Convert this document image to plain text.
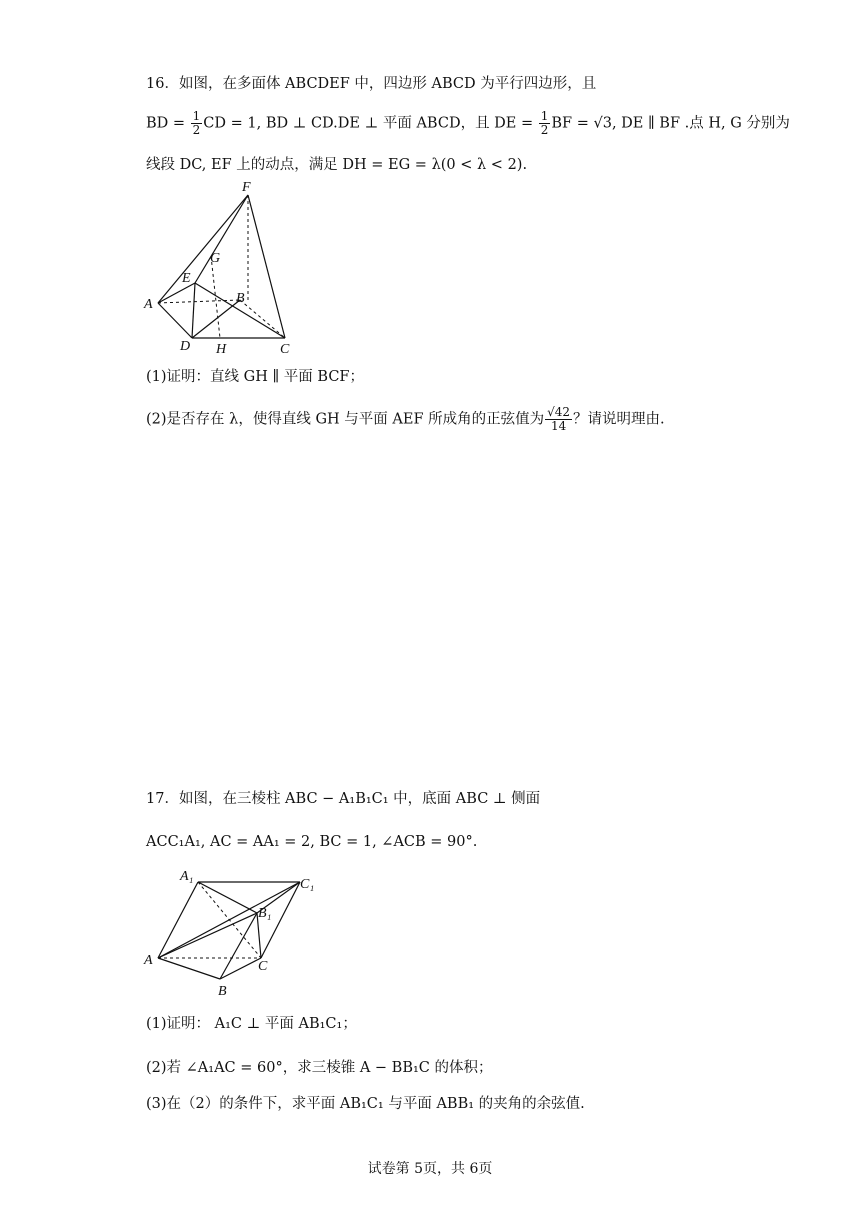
16．如图，在多面体 ABCDEF 中，四边形 ABCD 为平行四边形，且
BD = $\frac{1}{2}$ CD = 1, BD ⊥ CD.DE ⊥ 平面 ABCD，且 DE = $\frac{1}{2}$ BF = √3, DE ∥ BF .点 H, G 分别为
线段 DC, EF 上的动点，满足 DH = EG = λ(0 < λ < 2).
F
G
E
A	B
D H	C
(1)证明：直线 GH ∥ 平面 BCF；
(2)是否存在 λ，使得直线 GH 与平面 AEF 所成角的正弦值为 $\frac{√42}{14}$ ？请说明理由.
17．如图，在三棱柱 ABC − A₁B₁C₁ 中，底面 ABC ⊥ 侧面
ACC₁A₁, AC = AA₁ = 2, BC = 1, ∠ACB = 90°.
A₁
C₁
B₁
A	C
B
(1)证明： A₁C ⊥ 平面 AB₁C₁；
(2)若 ∠A₁AC = 60°，求三棱锥 A − BB₁C 的体积；
(3)在（2）的条件下，求平面 AB₁C₁ 与平面 ABB₁ 的夹角的余弦值.
试卷第 5页，共 6页
